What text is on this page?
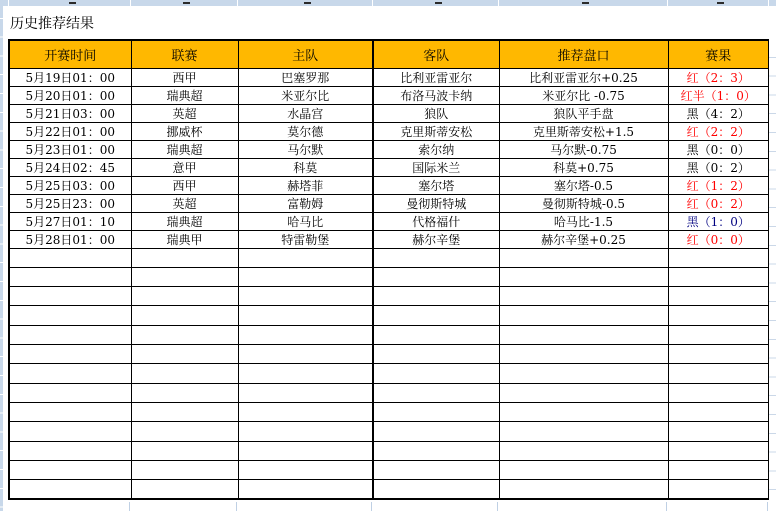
历史推荐结果
开赛时间	联赛	主队	客队	推荐盘口	赛果
5月19日01：00	西甲	巴塞罗那	比利亚雷亚尔	比利亚雷亚尔+0.25	红（2：3）
5月20日01：00	瑞典超	米亚尔比	布洛马波卡纳	米亚尔比 -0.75	红半（1：0）
5月21日03：00	英超	水晶宫	狼队	狼队平手盘	黑（4：2）
5月22日01：00	挪威杯	莫尔德	克里斯蒂安松	克里斯蒂安松+1.5	红（2：2）
5月23日01：00	瑞典超	马尔默	索尔纳	马尔默-0.75	黑（0：0）
5月24日02：45	意甲	科莫	国际米兰	科莫+0.75	黑（0：2）
5月25日03：00	西甲	赫塔菲	塞尔塔	塞尔塔-0.5	红（1：2）
5月25日23：00	英超	富勒姆	曼彻斯特城	曼彻斯特城-0.5	红（0：2）
5月27日01：10	瑞典超	哈马比	代格福什	哈马比-1.5	黑（1：0）
5月28日01：00	瑞典甲	特雷勒堡	赫尔辛堡	赫尔辛堡+0.25	红（0：0）
